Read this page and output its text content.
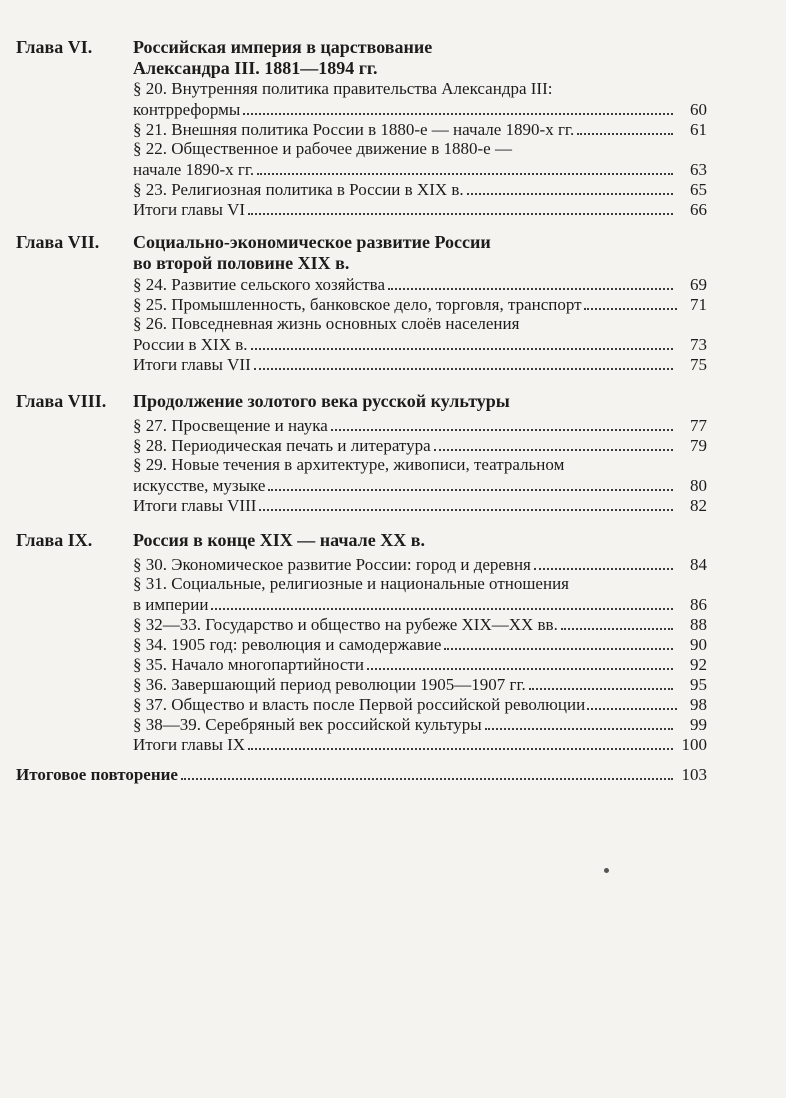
Глава VI. Российская империя в царствование
Александра III. 1881—1894 гг.
§ 20. Внутренняя политика правительства Александра III:
контрреформы	60
§ 21. Внешняя политика России в 1880-е — начале 1890-х гг.	61
§ 22. Общественное и рабочее движение в 1880-е —
начале 1890-х гг.	63
§ 23. Религиозная политика в России в XIX в.	65
Итоги главы VI	66
Глава VII. Социально-экономическое развитие России
во второй половине XIX в.
§ 24. Развитие сельского хозяйства	69
§ 25. Промышленность, банковское дело, торговля, транспорт	71
§ 26. Повседневная жизнь основных слоёв населения
России в XIX в.	73
Итоги главы VII	75
Глава VIII. Продолжение золотого века русской культуры
§ 27. Просвещение и наука	77
§ 28. Периодическая печать и литература	79
§ 29. Новые течения в архитектуре, живописи, театральном
искусстве, музыке	80
Итоги главы VIII	82
Глава IX. Россия в конце XIX — начале XX в.
§ 30. Экономическое развитие России: город и деревня	84
§ 31. Социальные, религиозные и национальные отношения
в империи	86
§ 32—33. Государство и общество на рубеже XIX—XX вв.	88
§ 34. 1905 год: революция и самодержавие	90
§ 35. Начало многопартийности	92
§ 36. Завершающий период революции 1905—1907 гг.	95
§ 37. Общество и власть после Первой российской революции	98
§ 38—39. Серебряный век российской культуры	99
Итоги главы IX	100
Итоговое повторение	103
